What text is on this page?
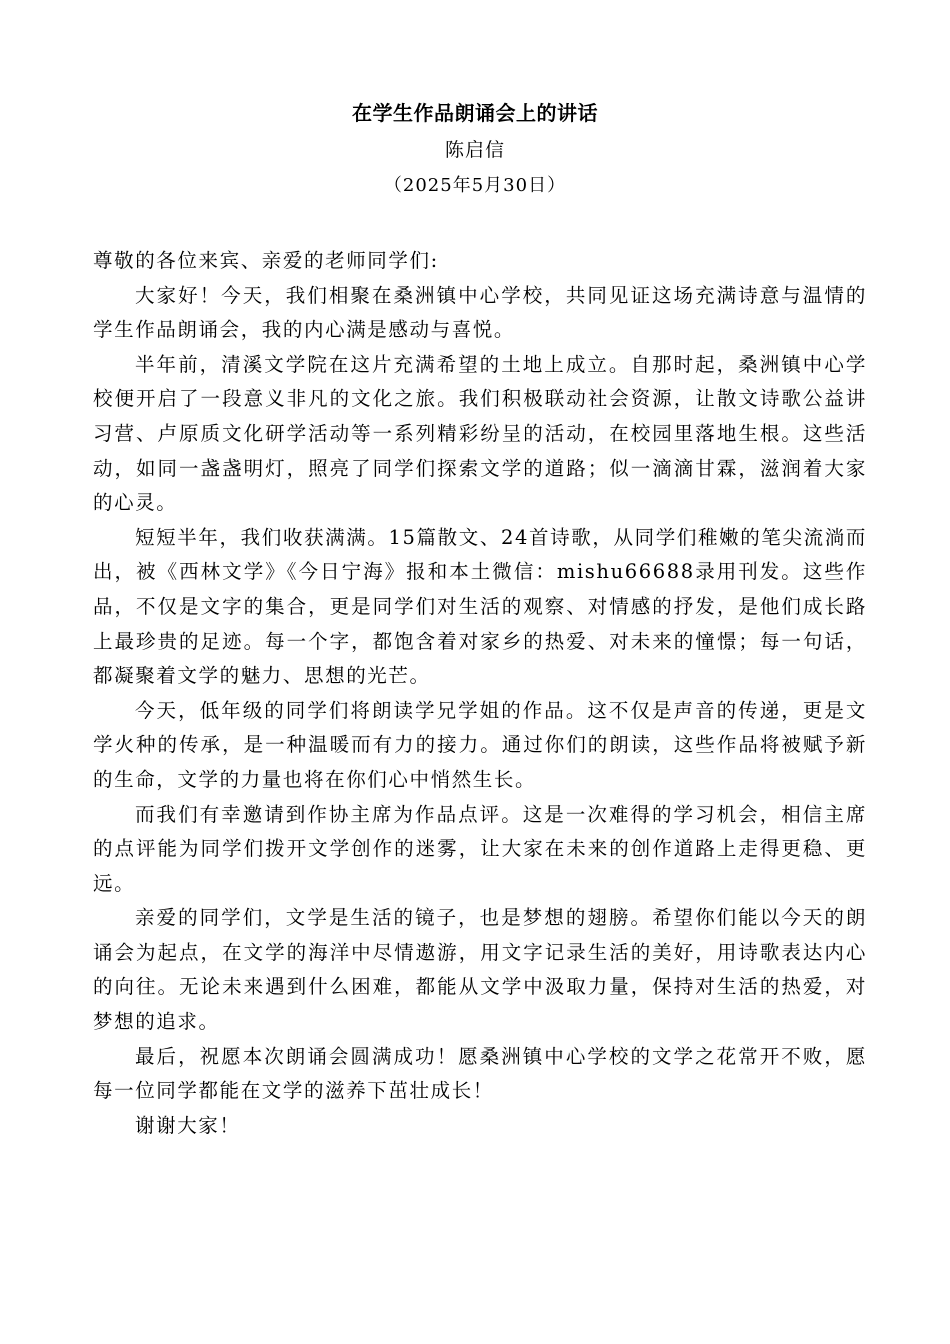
在学生作品朗诵会上的讲话
陈启信
（2025年5月30日）

尊敬的各位来宾、亲爱的老师同学们:

大家好！今天，我们相聚在桑洲镇中心学校，共同见证这场充满诗意与温情的学生作品朗诵会，我的内心满是感动与喜悦。

半年前，清溪文学院在这片充满希望的土地上成立。自那时起，桑洲镇中心学校便开启了一段意义非凡的文化之旅。我们积极联动社会资源，让散文诗歌公益讲习营、卢原质文化研学活动等一系列精彩纷呈的活动，在校园里落地生根。这些活动，如同一盏盏明灯，照亮了同学们探索文学的道路；似一滴滴甘霖，滋润着大家的心灵。

短短半年，我们收获满满。15篇散文、24首诗歌，从同学们稚嫩的笔尖流淌而出，被《西林文学》《今日宁海》报和本土微信：mishu66688录用刊发。这些作品，不仅是文字的集合，更是同学们对生活的观察、对情感的抒发，是他们成长路上最珍贵的足迹。每一个字，都饱含着对家乡的热爱、对未来的憧憬；每一句话，都凝聚着文学的魅力、思想的光芒。

今天，低年级的同学们将朗读学兄学姐的作品。这不仅是声音的传递，更是文学火种的传承，是一种温暖而有力的接力。通过你们的朗读，这些作品将被赋予新的生命，文学的力量也将在你们心中悄然生长。

而我们有幸邀请到作协主席为作品点评。这是一次难得的学习机会，相信主席的点评能为同学们拨开文学创作的迷雾，让大家在未来的创作道路上走得更稳、更远。

亲爱的同学们，文学是生活的镜子，也是梦想的翅膀。希望你们能以今天的朗诵会为起点，在文学的海洋中尽情遨游，用文字记录生活的美好，用诗歌表达内心的向往。无论未来遇到什么困难，都能从文学中汲取力量，保持对生活的热爱，对梦想的追求。

最后，祝愿本次朗诵会圆满成功！愿桑洲镇中心学校的文学之花常开不败，愿每一位同学都能在文学的滋养下茁壮成长！

谢谢大家！
